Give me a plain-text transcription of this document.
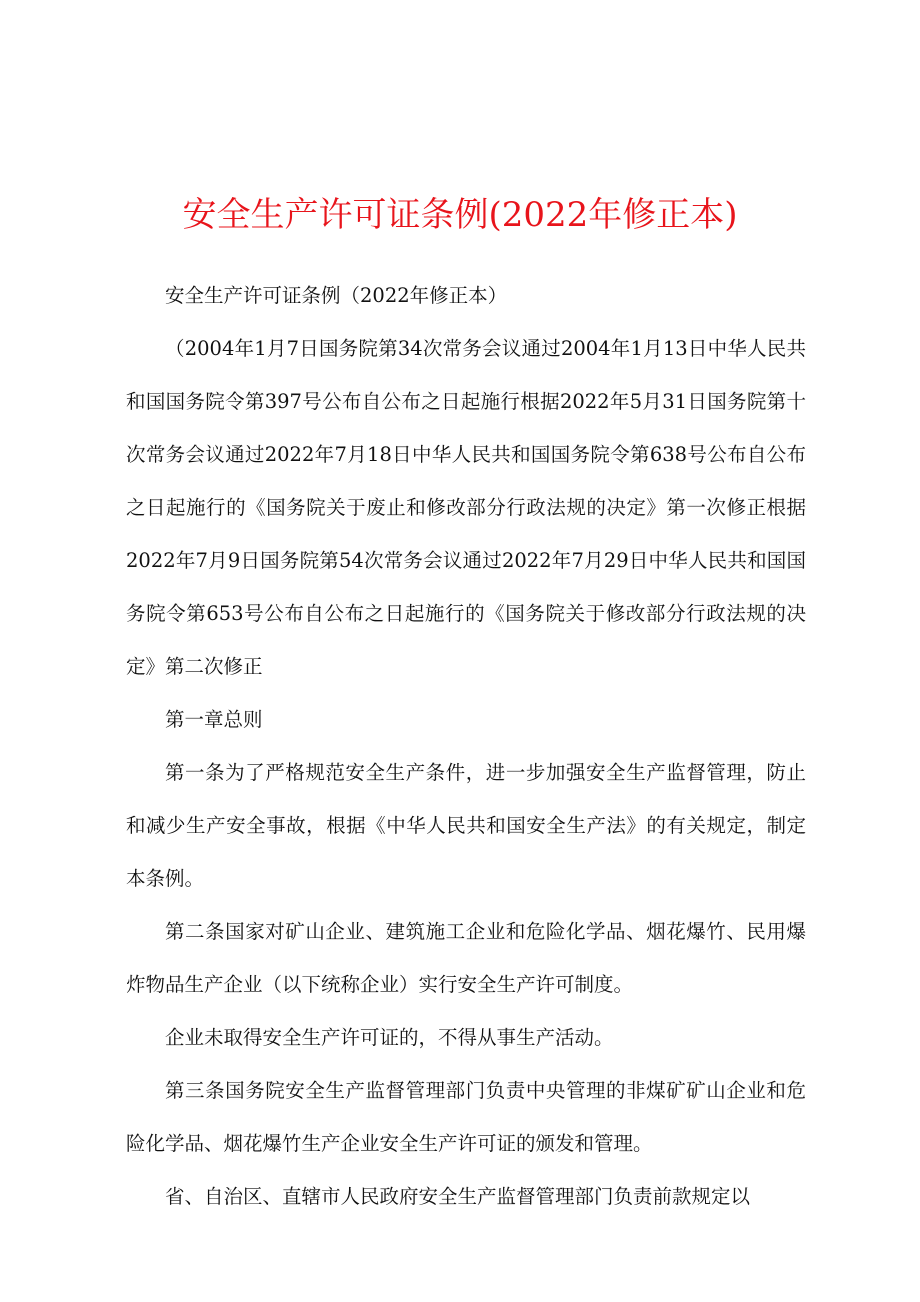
安全生产许可证条例(2022年修正本)

安全生产许可证条例（2022年修正本）

（2004年1月7日国务院第34次常务会议通过2004年1月13日中华人民共和国国务院令第397号公布自公布之日起施行根据2022年5月31日国务院第十次常务会议通过2022年7月18日中华人民共和国国务院令第638号公布自公布之日起施行的《国务院关于废止和修改部分行政法规的决定》第一次修正根据2022年7月9日国务院第54次常务会议通过2022年7月29日中华人民共和国国务院令第653号公布自公布之日起施行的《国务院关于修改部分行政法规的决定》第二次修正

第一章总则

第一条为了严格规范安全生产条件，进一步加强安全生产监督管理，防止和减少生产安全事故，根据《中华人民共和国安全生产法》的有关规定，制定本条例。

第二条国家对矿山企业、建筑施工企业和危险化学品、烟花爆竹、民用爆炸物品生产企业（以下统称企业）实行安全生产许可制度。

企业未取得安全生产许可证的，不得从事生产活动。

第三条国务院安全生产监督管理部门负责中央管理的非煤矿矿山企业和危险化学品、烟花爆竹生产企业安全生产许可证的颁发和管理。

省、自治区、直辖市人民政府安全生产监督管理部门负责前款规定以
